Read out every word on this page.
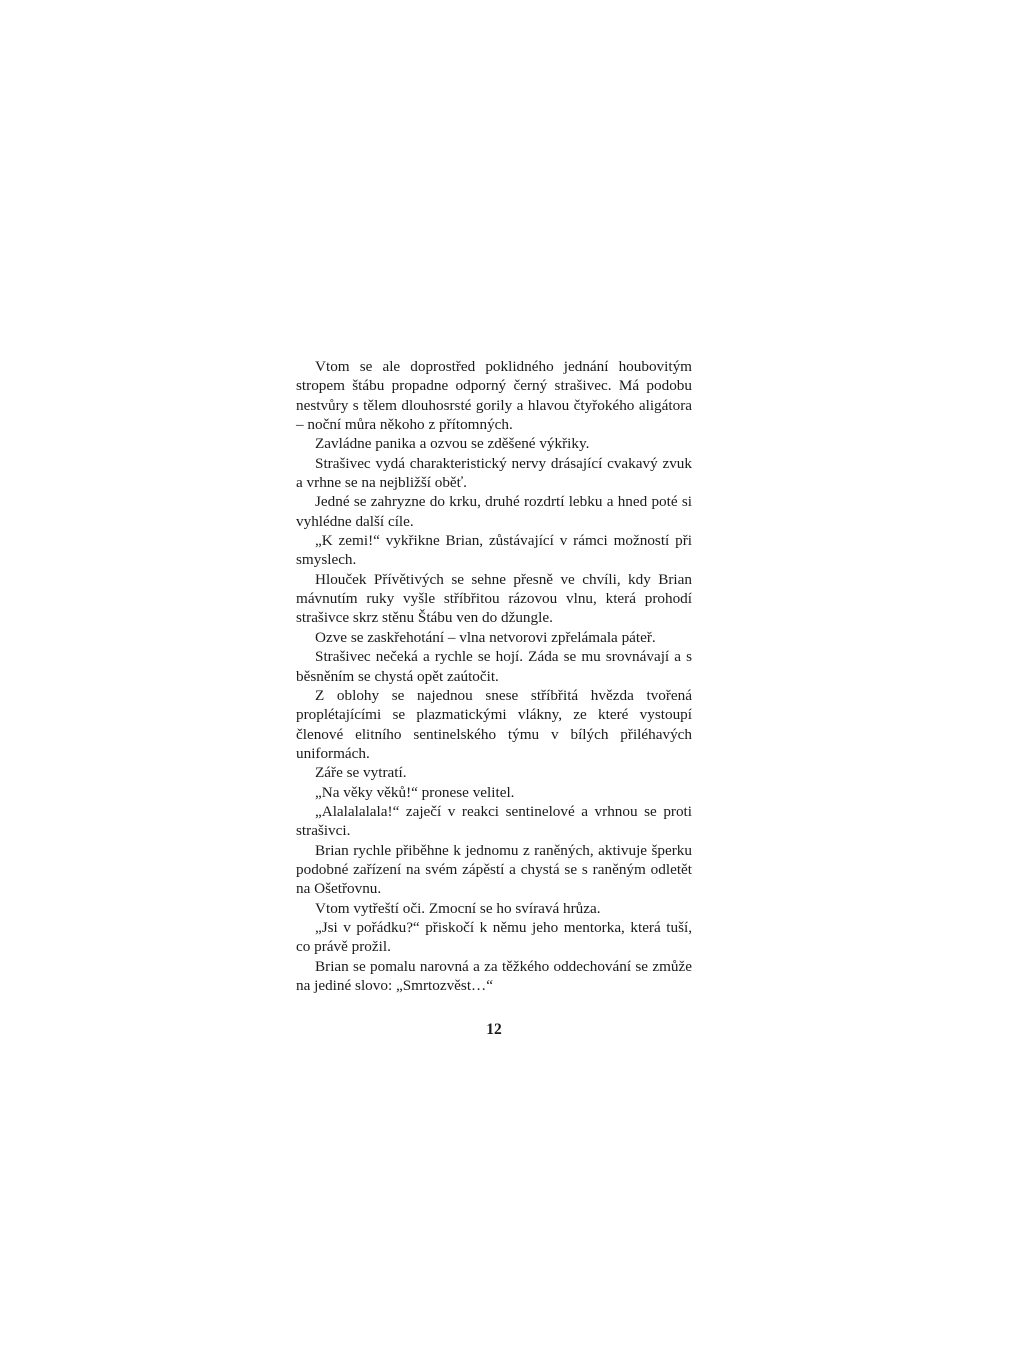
Vtom se ale doprostřed poklidného jednání houbovitým stropem štábu propadne odporný černý strašivec. Má podobu nestvůry s tělem dlouhosrsté gorily a hlavou čtyřokého aligátora – noční můra někoho z přítomných.

Zavládne panika a ozvou se zděšené výkřiky.

Strašivec vydá charakteristický nervy drásající cvakavý zvuk a vrhne se na nejbližší oběť.

Jedné se zahryzne do krku, druhé rozdrtí lebku a hned poté si vyhlédne další cíle.

„K zemi!“ vykřikne Brian, zůstávající v rámci možností při smyslech.

Hlouček Přívětivých se sehne přesně ve chvíli, kdy Brian mávnutím ruky vyšle stříbřitou rázovou vlnu, která prohodí strašivce skrz stěnu Štábu ven do džungle.

Ozve se zaskřehotání – vlna netvorovi zpřelámala páteř.

Strašivec nečeká a rychle se hojí. Záda se mu srovnávají a s běsněním se chystá opět zaútočit.

Z oblohy se najednou snese stříbřitá hvězda tvořená proplétajícími se plazmatickými vlákny, ze které vystoupí členové elitního sentinelského týmu v bílých přiléhavých uniformách.

Záře se vytratí.

„Na věky věků!“ pronese velitel.

„Alalalalala!“ zaječí v reakci sentinelové a vrhnou se proti strašivci.

Brian rychle přiběhne k jednomu z raněných, aktivuje šperku podobné zařízení na svém zápěstí a chystá se s raněným odletět na Ošetřovnu.

Vtom vytřeští oči. Zmocní se ho svíravá hrůza.

„Jsi v pořádku?“ přiskočí k němu jeho mentorka, která tuší, co právě prožil.

Brian se pomalu narovná a za těžkého oddechování se zmůže na jediné slovo: „Smrtozvěst…“

12
